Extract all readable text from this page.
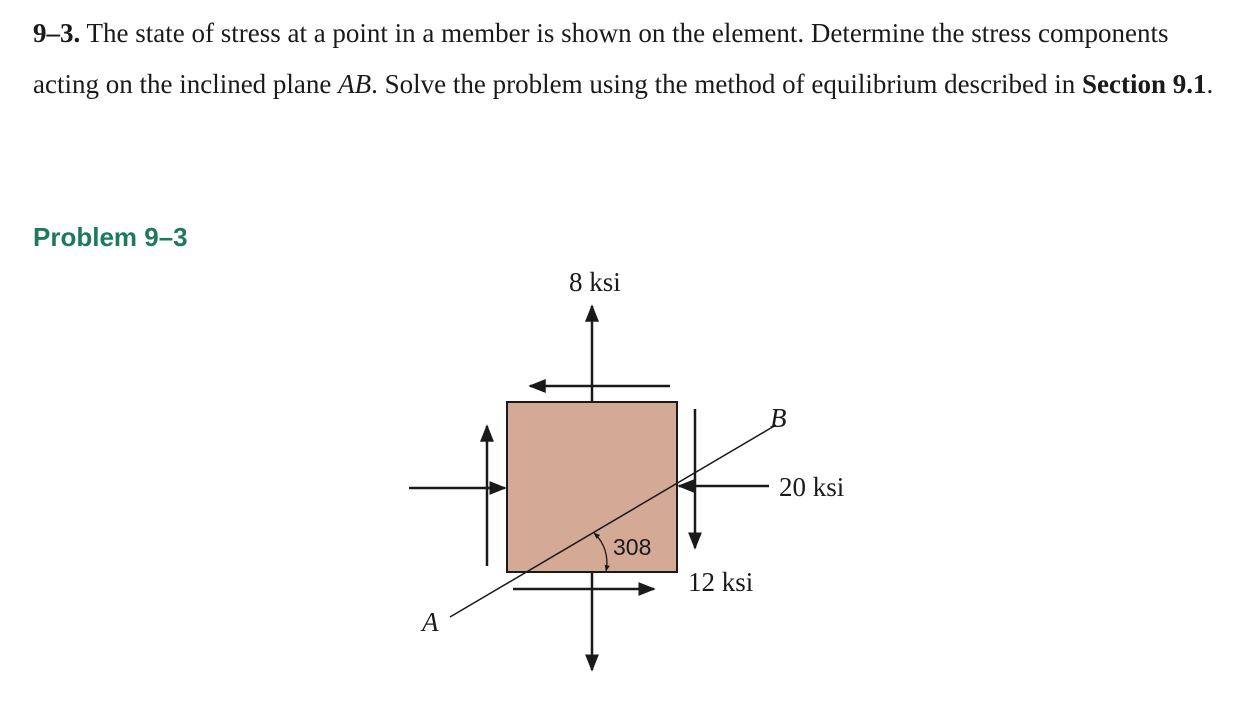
9–3. The state of stress at a point in a member is shown on the element. Determine the stress components acting on the inclined plane AB. Solve the problem using the method of equilibrium described in Section 9.1.

Problem 9–3
8 ksi
20 ksi
12 ksi
308
A
B
